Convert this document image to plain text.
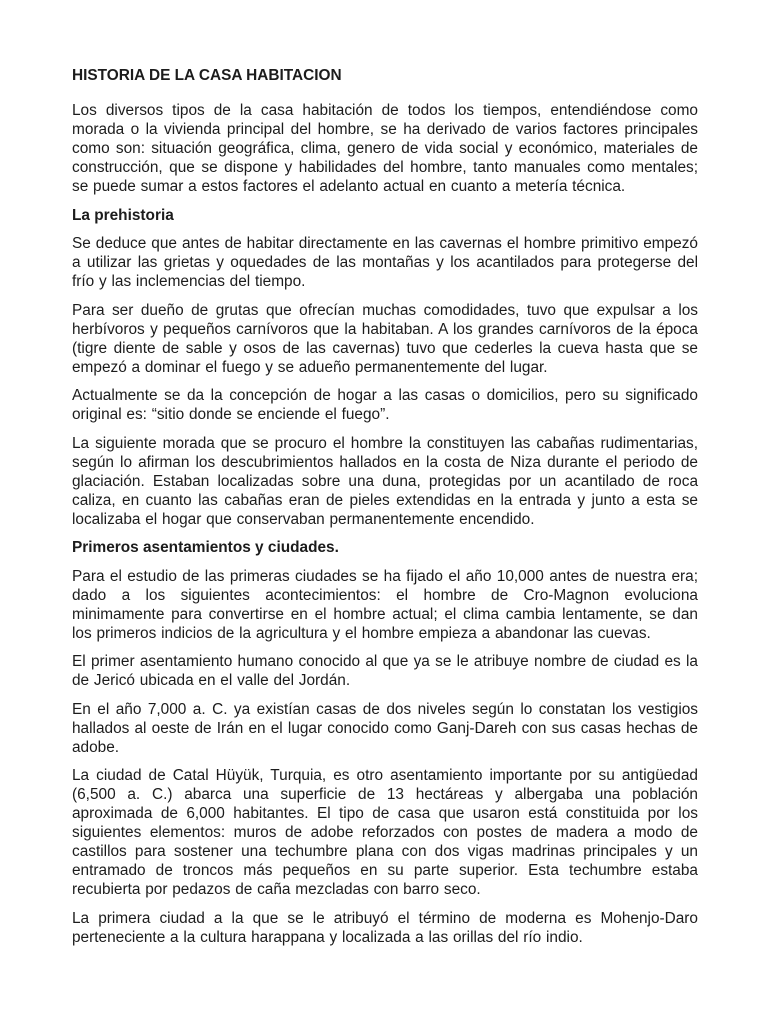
HISTORIA DE LA CASA HABITACION

Los diversos tipos de la casa habitación de todos los tiempos, entendiéndose como morada o la vivienda principal del hombre, se ha derivado de varios factores principales como son: situación geográfica, clima, genero de vida social y económico, materiales de construcción, que se dispone y habilidades del hombre, tanto manuales como mentales; se puede sumar a estos factores el adelanto actual en cuanto a metería técnica.

La prehistoria

Se deduce que antes de habitar directamente en las cavernas el hombre primitivo empezó a utilizar las grietas y oquedades de las montañas y los acantilados para protegerse del frío y las inclemencias del tiempo.

Para ser dueño de grutas que ofrecían muchas comodidades, tuvo que expulsar a los herbívoros y pequeños carnívoros que la habitaban. A los grandes carnívoros de la época (tigre diente de sable y osos de las cavernas) tuvo que cederles la cueva hasta que se empezó a dominar el fuego y se adueño permanentemente del lugar.

Actualmente se da la concepción de hogar a las casas o domicilios, pero su significado original es: “sitio donde se enciende el fuego”.

La siguiente morada que se procuro el hombre la constituyen las cabañas rudimentarias, según lo afirman los descubrimientos hallados en la costa de Niza durante el periodo de glaciación. Estaban localizadas sobre una duna, protegidas por un acantilado de roca caliza, en cuanto las cabañas eran de pieles extendidas en la entrada y junto a esta se localizaba el hogar que conservaban permanentemente encendido.

Primeros asentamientos y ciudades.

Para el estudio de las primeras ciudades se ha fijado el año 10,000 antes de nuestra era; dado a los siguientes acontecimientos: el hombre de Cro-Magnon evoluciona minimamente para convertirse en el hombre actual; el clima cambia lentamente, se dan los primeros indicios de la agricultura y el hombre empieza a abandonar las cuevas.

El primer asentamiento humano conocido al que ya se le atribuye nombre de ciudad es la de Jericó ubicada en el valle del Jordán.

En el año 7,000 a. C. ya existían casas de dos niveles según lo constatan los vestigios hallados al oeste de Irán en el lugar conocido como Ganj-Dareh con sus casas hechas de adobe.

La ciudad de Catal Hüyük, Turquia, es otro asentamiento importante por su antigüedad (6,500 a. C.) abarca una superficie de 13 hectáreas y albergaba una población aproximada de 6,000 habitantes. El tipo de casa que usaron está constituida por los siguientes elementos: muros de adobe reforzados con postes de madera a modo de castillos para sostener una techumbre plana con dos vigas madrinas principales y un entramado de troncos más pequeños en su parte superior. Esta techumbre estaba recubierta por pedazos de caña mezcladas con barro seco.

La primera ciudad a la que se le atribuyó el término de moderna es Mohenjo-Daro perteneciente a la cultura harappana y localizada a las orillas del río indio.
